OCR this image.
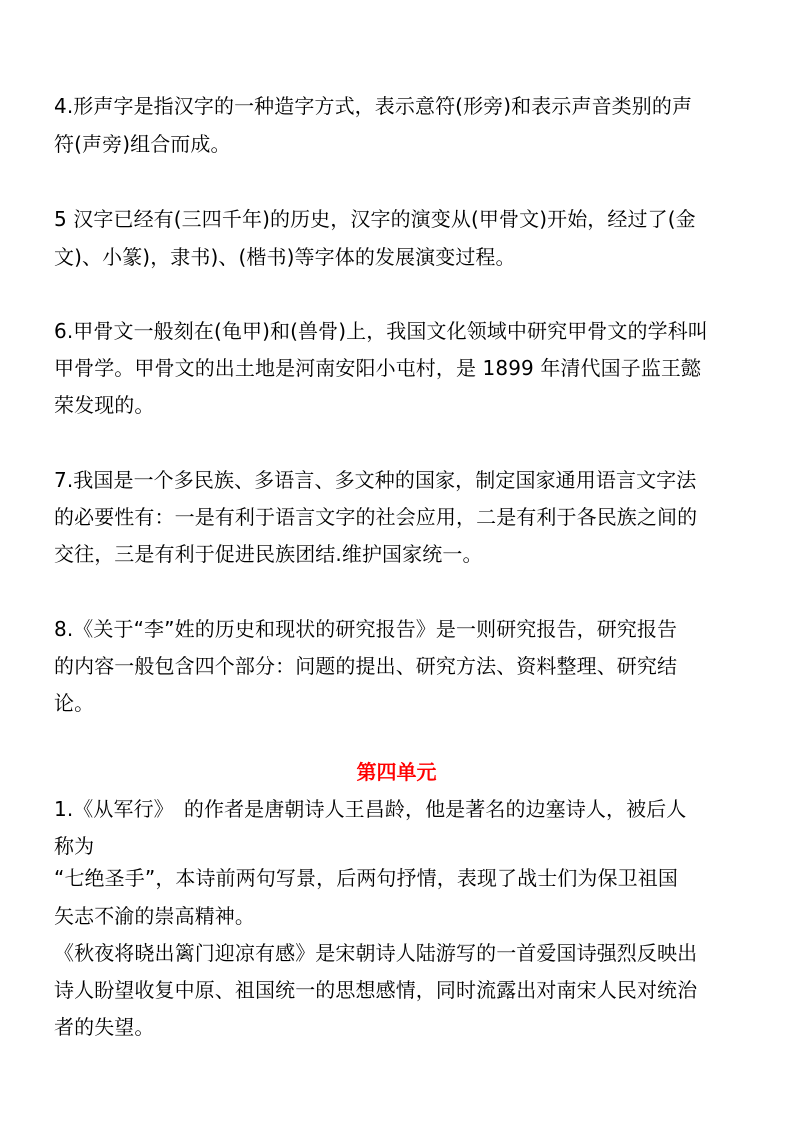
4.形声字是指汉字的一种造字方式，表示意符(形旁)和表示声音类别的声
符(声旁)组合而成。
5 汉字已经有(三四千年)的历史，汉字的演变从(甲骨文)开始，经过了(金
文)、小篆)，隶书)、(楷书)等字体的发展演变过程。
6.甲骨文一般刻在(龟甲)和(兽骨)上，我国文化领域中研究甲骨文的学科叫
甲骨学。甲骨文的出土地是河南安阳小屯村，是 1899 年清代国子监王懿
荣发现的。
7.我国是一个多民族、多语言、多文种的国家，制定国家通用语言文字法
的必要性有：一是有利于语言文字的社会应用，二是有利于各民族之间的
交往，三是有利于促进民族团结.维护国家统一。
8.《关于“李”姓的历史和现状的研究报告》是一则研究报告，研究报告
的内容一般包含四个部分：问题的提出、研究方法、资料整理、研究结
论。
第四单元
1.《从军行》　的作者是唐朝诗人王昌龄，他是著名的边塞诗人，被后人
称为
“七绝圣手”，本诗前两句写景，后两句抒情，表现了战士们为保卫祖国
矢志不渝的崇高精神。
《秋夜将晓出篱门迎凉有感》是宋朝诗人陆游写的一首爱国诗强烈反映出
诗人盼望收复中原、祖国统一的思想感情，同时流露出对南宋人民对统治
者的失望。
